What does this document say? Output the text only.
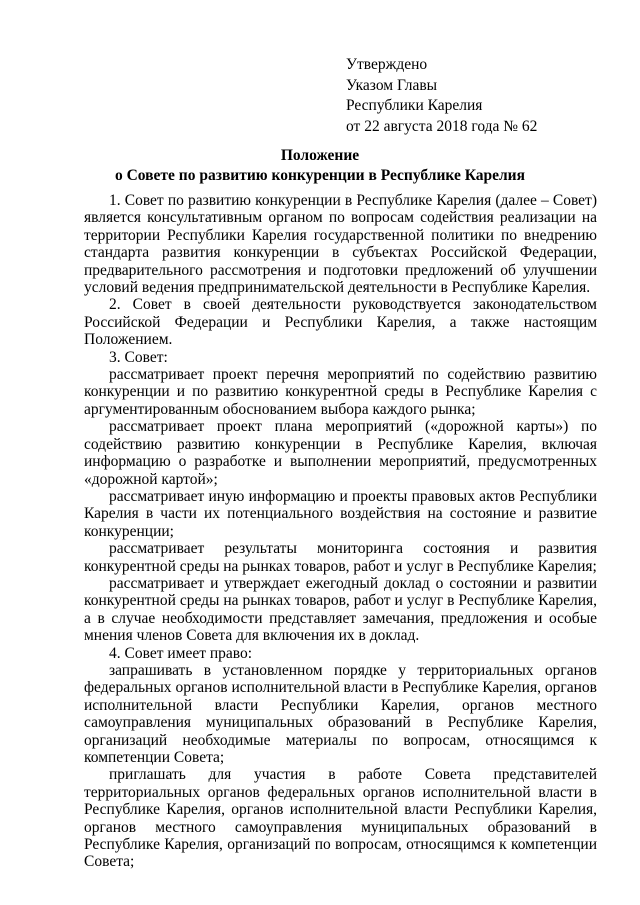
Утверждено
Указом Главы
Республики Карелия
от 22 августа 2018 года № 62
Положение
о Совете по развитию конкуренции в Республике Карелия

1. Совет по развитию конкуренции в Республике Карелия (далее – Совет) является консультативным органом по вопросам содействия реализации на территории Республики Карелия государственной политики по внедрению стандарта развития конкуренции в субъектах Российской Федерации, предварительного рассмотрения и подготовки предложений об улучшении условий ведения предпринимательской деятельности в Республике Карелия.

2. Совет в своей деятельности руководствуется законодательством Российской Федерации и Республики Карелия, а также настоящим Положением.

3. Совет:

рассматривает проект перечня мероприятий по содействию развитию конкуренции и по развитию конкурентной среды в Республике Карелия с аргументированным обоснованием выбора каждого рынка;

рассматривает проект плана мероприятий («дорожной карты») по содействию развитию конкуренции в Республике Карелия, включая информацию о разработке и выполнении мероприятий, предусмотренных «дорожной картой»;

рассматривает иную информацию и проекты правовых актов Республики Карелия в части их потенциального воздействия на состояние и развитие конкуренции;

рассматривает результаты мониторинга состояния и развития конкурентной среды на рынках товаров, работ и услуг в Республике Карелия;

рассматривает и утверждает ежегодный доклад о состоянии и развитии конкурентной среды на рынках товаров, работ и услуг в Республике Карелия, а в случае необходимости представляет замечания, предложения и особые мнения членов Совета для включения их в доклад.

4. Совет имеет право:

запрашивать в установленном порядке у территориальных органов федеральных органов исполнительной власти в Республике Карелия, органов исполнительной власти Республики Карелия, органов местного самоуправления муниципальных образований в Республике Карелия, организаций необходимые материалы по вопросам, относящимся к компетенции Совета;

приглашать для участия в работе Совета представителей территориальных органов федеральных органов исполнительной власти в Республике Карелия, органов исполнительной власти Республики Карелия, органов местного самоуправления муниципальных образований в Республике Карелия, организаций по вопросам, относящимся к компетенции Совета;
